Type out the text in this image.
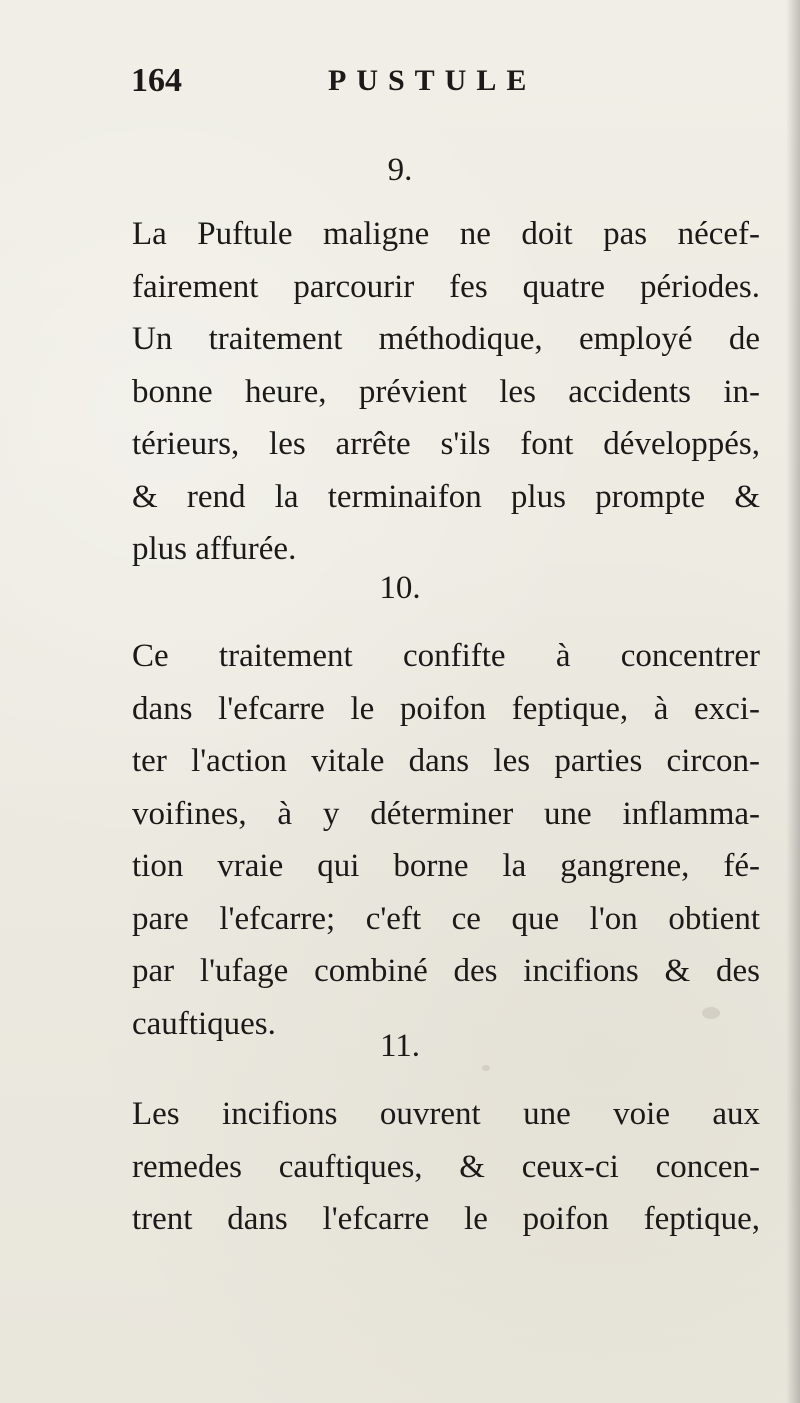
164	PUSTULE
9.
La Puftule maligne ne doit pas nécef-
fairement parcourir fes quatre périodes.
Un traitement méthodique, employé de
bonne heure, prévient les accidents in-
térieurs, les arrête s'ils font développés,
& rend la terminaifon plus prompte &
plus affurée.
10.
Ce traitement confifte à concentrer
dans l'efcarre le poifon feptique, à exci-
ter l'action vitale dans les parties circon-
voifines, à y déterminer une inflamma-
tion vraie qui borne la gangrene, fé-
pare l'efcarre; c'eft ce que l'on obtient
par l'ufage combiné des incifions & des
cauftiques.
11.
Les incifions ouvrent une voie aux
remedes cauftiques, & ceux-ci concen-
trent dans l'efcarre le poifon feptique,
